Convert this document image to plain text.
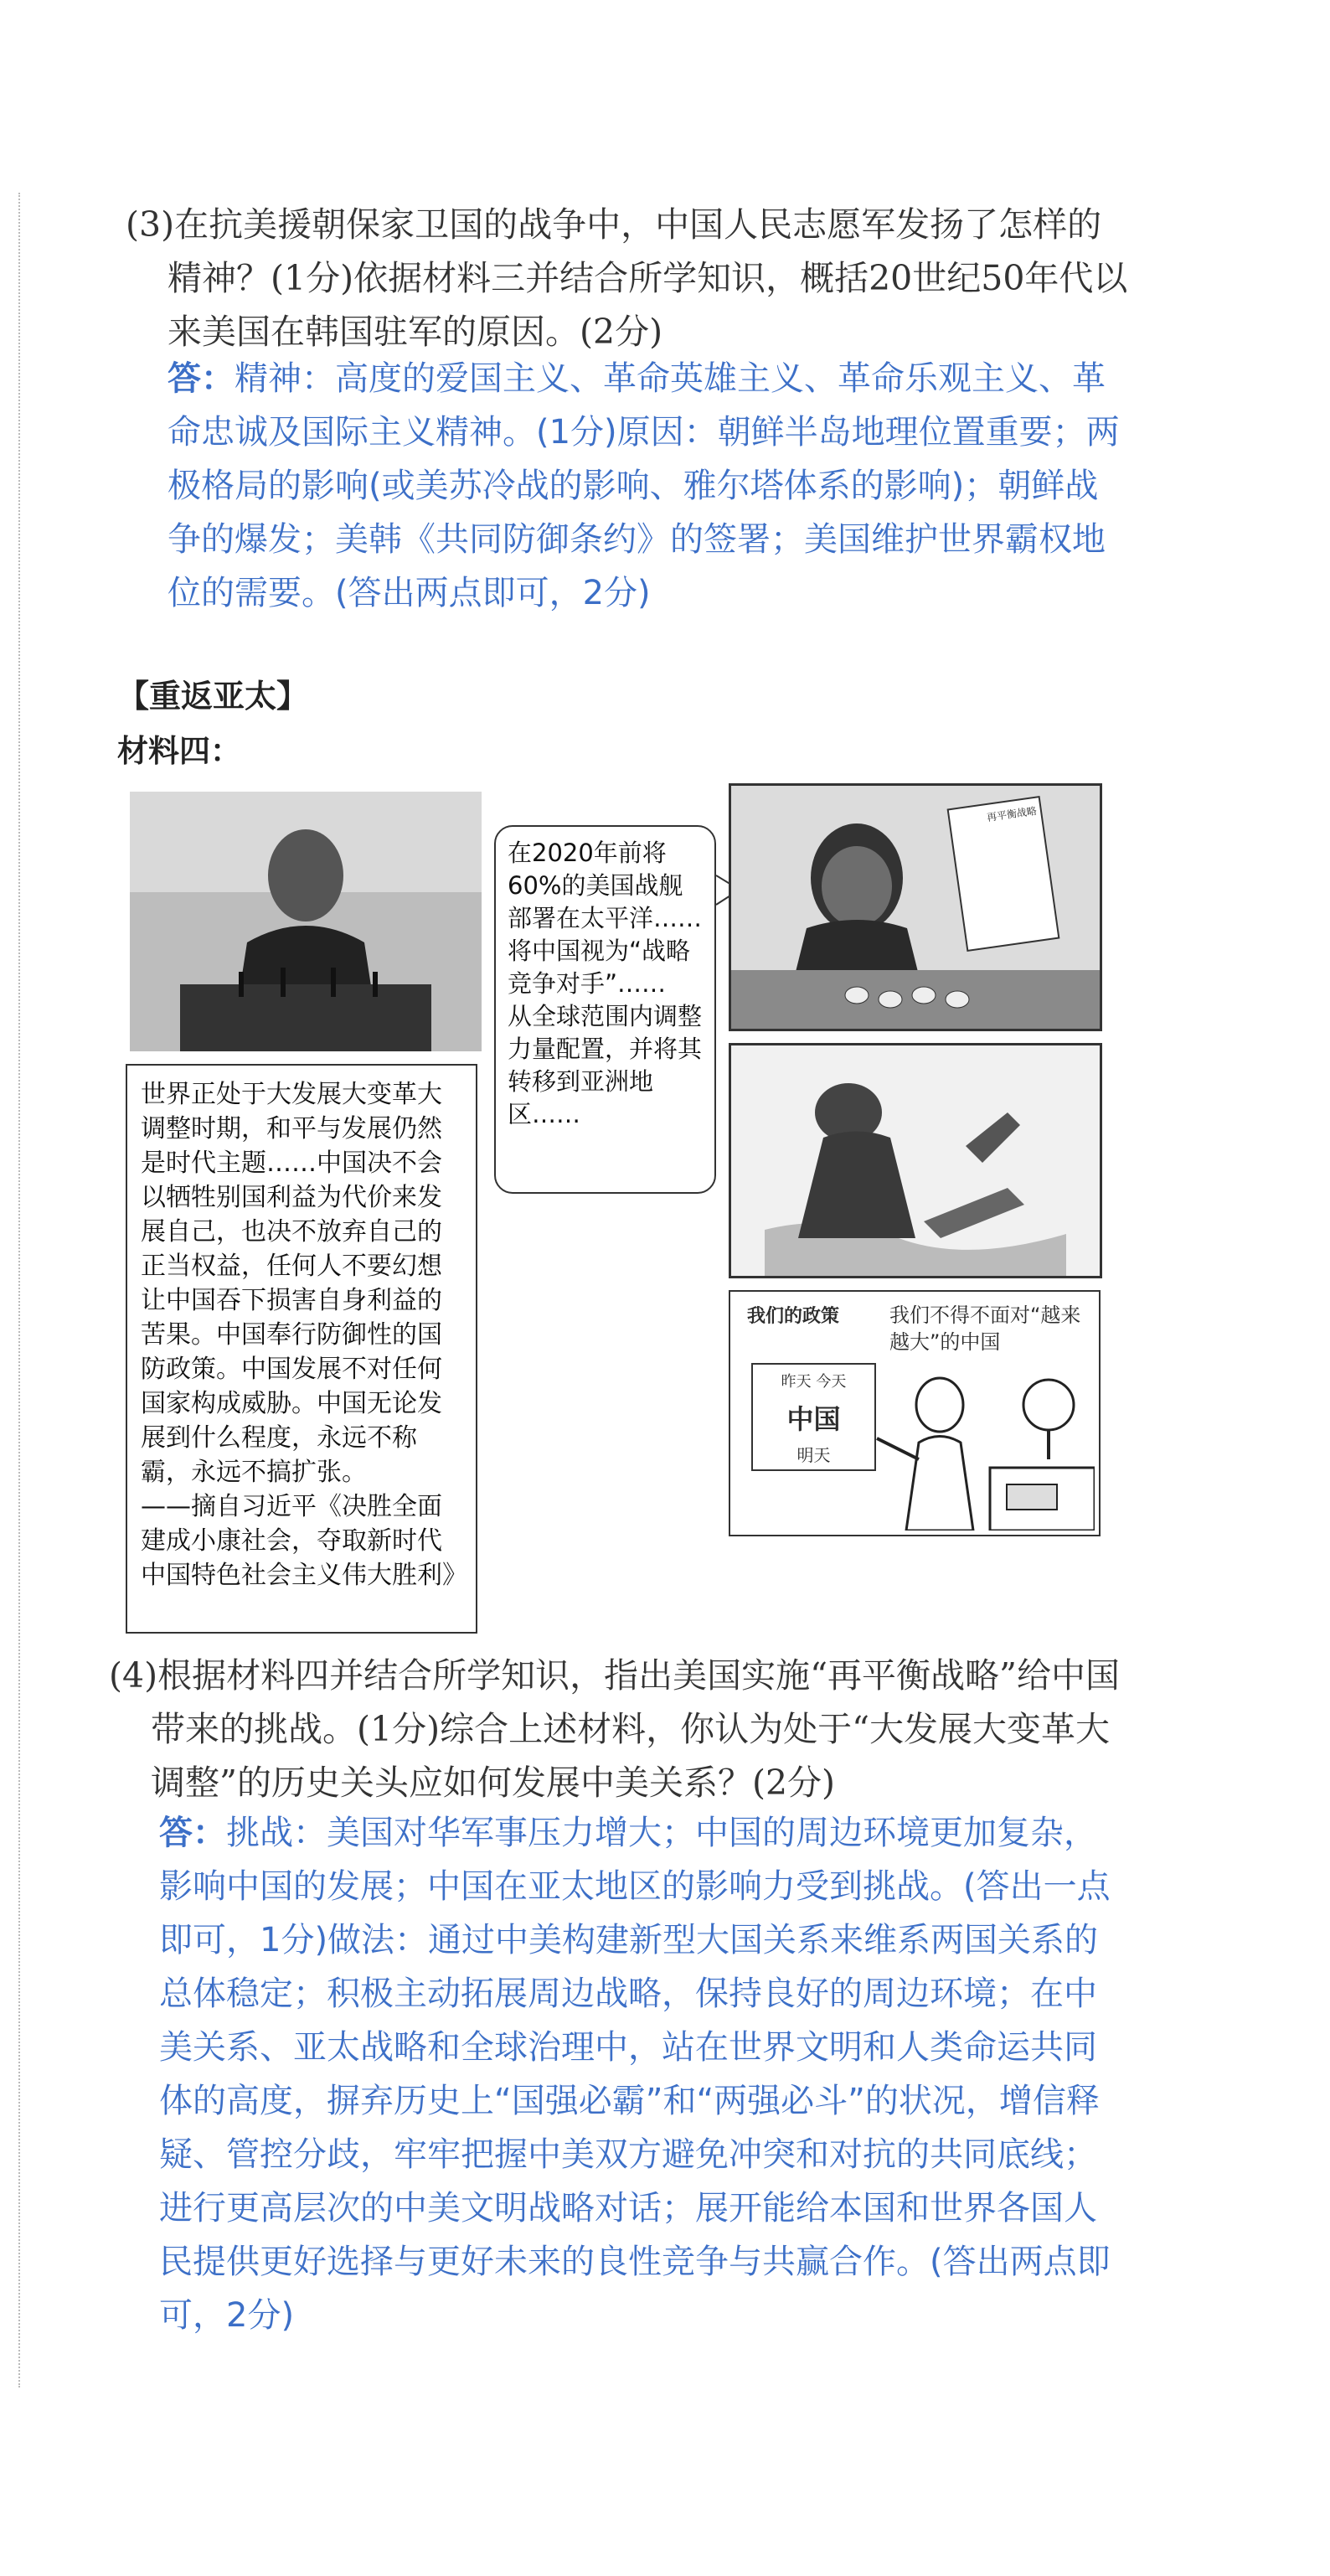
(3)在抗美援朝保家卫国的战争中，中国人民志愿军发扬了怎样的精神？(1分)依据材料三并结合所学知识，概括20世纪50年代以来美国在韩国驻军的原因。(2分)
答：精神：高度的爱国主义、革命英雄主义、革命乐观主义、革命忠诚及国际主义精神。(1分)原因：朝鲜半岛地理位置重要；两极格局的影响(或美苏冷战的影响、雅尔塔体系的影响)；朝鲜战争的爆发；美韩《共同防御条约》的签署；美国维护世界霸权地位的需要。(答出两点即可，2分)
【重返亚太】
材料四：
世界正处于大发展大变革大调整时期，和平与发展仍然是时代主题……中国决不会以牺牲别国利益为代价来发展自己，也决不放弃自己的正当权益，任何人不要幻想让中国吞下损害自身利益的苦果。中国奉行防御性的国防政策。中国发展不对任何国家构成威胁。中国无论发展到什么程度，永远不称霸，永远不搞扩张。
——摘自习近平《决胜全面建成小康社会，夺取新时代中国特色社会主义伟大胜利》
在2020年前将60%的美国战舰部署在太平洋……
将中国视为“战略竞争对手”……
从全球范围内调整力量配置，并将其转移到亚洲地区……
再平衡战略
我们的政策 我们不得不面对“越来越大”的中国
昨天 今天
中国
明天
(4)根据材料四并结合所学知识，指出美国实施“再平衡战略”给中国带来的挑战。(1分)综合上述材料，你认为处于“大发展大变革大调整”的历史关头应如何发展中美关系？(2分)
答：挑战：美国对华军事压力增大；中国的周边环境更加复杂，影响中国的发展；中国在亚太地区的影响力受到挑战。(答出一点即可，1分)做法：通过中美构建新型大国关系来维系两国关系的总体稳定；积极主动拓展周边战略，保持良好的周边环境；在中美关系、亚太战略和全球治理中，站在世界文明和人类命运共同体的高度，摒弃历史上“国强必霸”和“两强必斗”的状况，增信释疑、管控分歧，牢牢把握中美双方避免冲突和对抗的共同底线；进行更高层次的中美文明战略对话；展开能给本国和世界各国人民提供更好选择与更好未来的良性竞争与共赢合作。(答出两点即可，2分)
